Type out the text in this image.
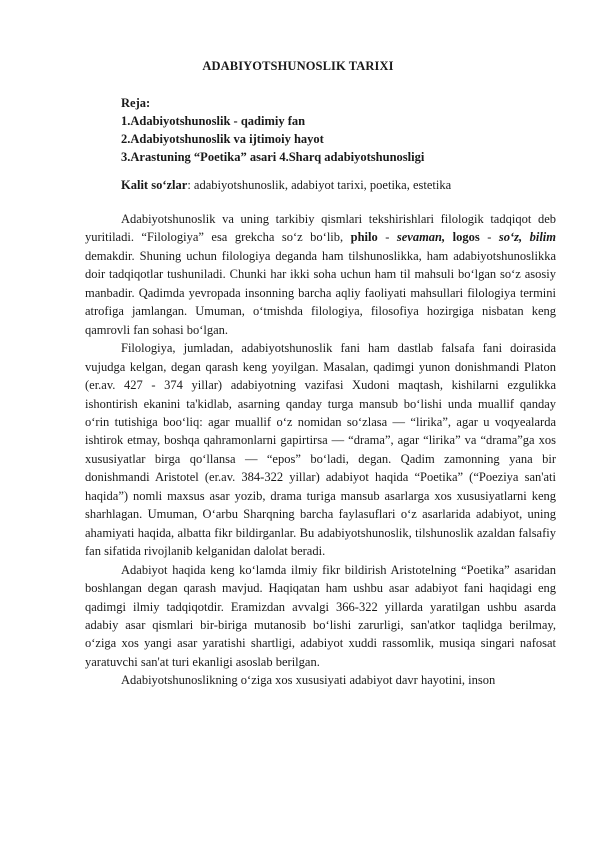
ADABIYOTSHUNOSLIK TARIXI
Reja:
1.Adabiyotshunoslik - qadimiy fan
2.Adabiyotshunoslik va ijtimoiy hayot
3.Arastuning “Poetika” asari 4.Sharq adabiyotshunosligi
Kalit so‘zlar: adabiyotshunoslik, adabiyot tarixi, poetika, estetika

Adabiyotshunoslik va uning tarkibiy qismlari tekshirishlari filologik tadqiqot deb yuritiladi. “Filologiya” esa grekcha so‘z bo‘lib, philo - sevaman, logos - so‘z, bilim demakdir. Shuning uchun filologiya deganda ham tilshunoslikka, ham adabiyotshunoslikka doir tadqiqotlar tushuniladi. Chunki har ikki soha uchun ham til mahsuli bo‘lgan so‘z asosiy manbadir. Qadimda yevropada insonning barcha aqliy faoliyati mahsullari filologiya termini atrofiga jamlangan. Umuman, o‘tmishda filologiya, filosofiya hozirgiga nisbatan keng qamrovli fan sohasi bo‘lgan.

Filologiya, jumladan, adabiyotshunoslik fani ham dastlab falsafa fani doirasida vujudga kelgan, degan qarash keng yoyilgan. Masalan, qadimgi yunon donishmandi Platon (er.av. 427 - 374 yillar) adabiyotning vazifasi Xudoni maqtash, kishilarni ezgulikka ishontirish ekanini ta'kidlab, asarning qanday turga mansub bo‘lishi unda muallif qanday o‘rin tutishiga boo‘liq: agar muallif o‘z nomidan so‘zlasa — “lirika”, agar u voqyealarda ishtirok etmay, boshqa qahramonlarni gapirtirsa — “drama”, agar “lirika” va “drama”ga xos xususiyatlar birga qo‘llansa — “epos” bo‘ladi, degan. Qadim zamonning yana bir donishmandi Aristotel (er.av. 384-322 yillar) adabiyot haqida “Poetika” (“Poeziya san'ati haqida”) nomli maxsus asar yozib, drama turiga mansub asarlarga xos xususiyatlarni keng sharhlagan. Umuman, O‘arbu Sharqning barcha faylasuflari o‘z asarlarida adabiyot, uning ahamiyati haqida, albatta fikr bildirganlar. Bu adabiyotshunoslik, tilshunoslik azaldan falsafiy fan sifatida rivojlanib kelganidan dalolat beradi.

Adabiyot haqida keng ko‘lamda ilmiy fikr bildirish Aristotelning “Poetika” asaridan boshlangan degan qarash mavjud. Haqiqatan ham ushbu asar adabiyot fani haqidagi eng qadimgi ilmiy tadqiqotdir. Eramizdan avvalgi 366-322 yillarda yaratilgan ushbu asarda adabiy asar qismlari bir-biriga mutanosib bo‘lishi zarurligi, san'atkor taqlidga berilmay, o‘ziga xos yangi asar yaratishi shartligi, adabiyot xuddi rassomlik, musiqa singari nafosat yaratuvchi san'at turi ekanligi asoslab berilgan.

Adabiyotshunoslikning o‘ziga xos xususiyati adabiyot davr hayotini, inson
